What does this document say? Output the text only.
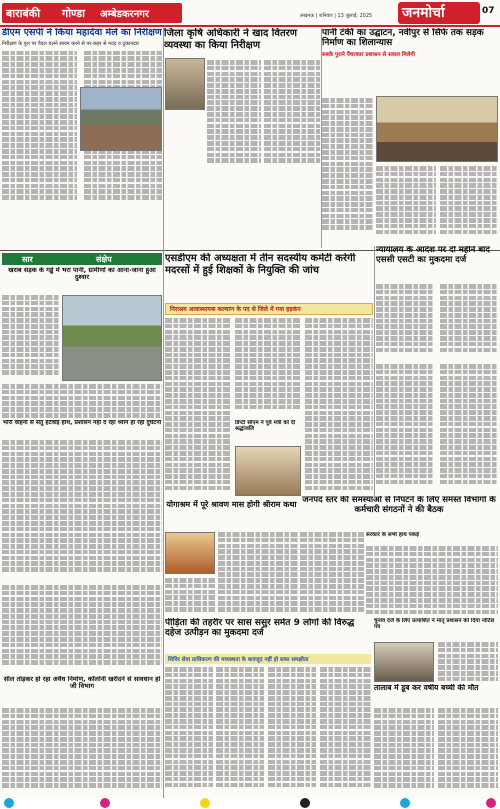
बाराबंकी गोण्डा अम्बेडकरनगर	लखनऊ | शनिवार | 13 जुलाई, 2025 जनमोर्चा	07
डीएम एसपी ने किया महादेवा मेले का निरीक्षण
निरीक्षण के पुल पर पैदल चलने सावन करने से पर-कहर से मदद व दुकानदार
जिला कृषि अधिकारी ने खाद वितरण व्यवस्था का किया निरीक्षण
पानी टंकी का उद्घाटन, नवीपुर से सिर्फ तक सड़क निर्माण का शिलान्यास
सबके पुराने पैथरकार प्रशासन से सवाल मिलेगी
सार	संक्षेप
खराब सड़क के गड्ढे में भरा पानी, ग्रामीणों का आना-जाना हुआ दुश्वार
भारी वाहनों से सेतु हटवाई हाथ, प्रशासन नहीं दे रहा ध्यान हो रही दुर्घटना
एसडीएम की अध्यक्षता में तीन सदस्यीय कमेटी करेगी मदरसों में हुई शिक्षकों के नियुक्ति की जांच
निराश्रय आवास्थायक कल्याण के पद से जिले में गया हड़कंप
डिप्टी सीएम ने पूर्व मंत्री को दी श्रद्धांजलि
न्यायालय के आदेश पर दो महीने बाद एससी एसटी का मुकदमा दर्ज
जनपद स्तर की समस्याओं से निपटने के लिए समस्त विभागों के कर्मचारी संगठनों ने की बैठक
योगाश्रम में पूरे श्रावण मास होगी श्रीराम कथा
सरकार के सभी हाथ पकड़े
पीड़िता की तहरीर पर सास ससुर समेत 9 लोगों की विरुद्ध दहेज उत्पीड़न का मुकदमा दर्ज
शिविर सेवा प्राधिकरण की मध्यस्थता के बावजूद नहीं हो सका समझौता
चुनाव दर्ज के लिए प्रत्याशित ने मातृ प्रशासन को दिया नोटिस पत्र
तालाब में डूब कर वर्षीय बच्ची की मौत
सील तोड़कर हो रहा अवैध निर्माण, कॉलोनी खरीदने से सावधान हो जी विभाग
